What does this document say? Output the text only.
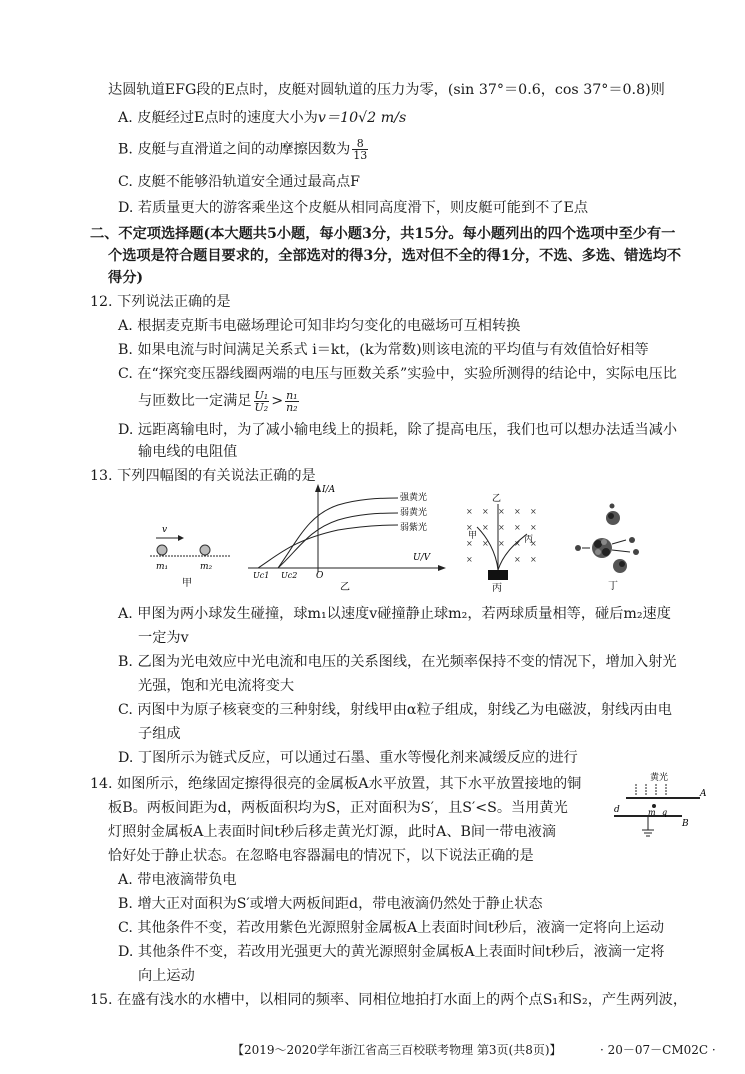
达圆轨道EFG段的E点时，皮艇对圆轨道的压力为零，(sin 37°＝0.6，cos 37°＝0.8)则
A. 皮艇经过E点时的速度大小为v＝10√2 m/s
B. 皮艇与直滑道之间的动摩擦因数为 $\frac{8}{13}$
C. 皮艇不能够沿轨道安全通过最高点F
D. 若质量更大的游客乘坐这个皮艇从相同高度滑下，则皮艇可能到不了E点
二、不定项选择题(本大题共5小题，每小题3分，共15分。每小题列出的四个选项中至少有一
个选项是符合题目要求的，全部选对的得3分，选对但不全的得1分，不选、多选、错选均不
得分)
12. 下列说法正确的是
A. 根据麦克斯韦电磁场理论可知非均匀变化的电磁场可互相转换
B. 如果电流与时间满足关系式 i＝kt，(k为常数)则该电流的平均值与有效值恰好相等
C. 在“探究变压器线圈两端的电压与匝数关系”实验中，实验所测得的结论中，实际电压比
与匝数比一定满足 $\frac{\text{U₁}}{\text{U₂}} > \frac{\text{n₁}}{\text{n₂}}$
D. 远距离输电时，为了减小输电线上的损耗，除了提高电压，我们也可以想办法适当减小
输电线的电阻值
13. 下列四幅图的有关说法正确的是
v
m₁	m₂
甲
I/A
U/V
强黄光
弱黄光
弱紫光
Uc1 Uc2 O
乙
× × × × ×
× × × × ×
× × × × ×
×	× ×
乙
甲	丙
丙	丁
A. 甲图为两小球发生碰撞，球m₁以速度v碰撞静止球m₂，若两球质量相等，碰后m₂速度
一定为v
B. 乙图为光电效应中光电流和电压的关系图线，在光频率保持不变的情况下，增加入射光
光强，饱和光电流将变大
C. 丙图中为原子核衰变的三种射线，射线甲由α粒子组成，射线乙为电磁波，射线丙由电
子组成
D. 丁图所示为链式反应，可以通过石墨、重水等慢化剂来减缓反应的进行
14. 如图所示，绝缘固定擦得很亮的金属板A水平放置，其下水平放置接地的铜
板B。两板间距为d，两板面积均为S，正对面积为S′，且S′<S。当用黄光
灯照射金属板A上表面时间t秒后移走黄光灯源，此时A、B间一带电液滴
恰好处于静止状态。在忽略电容器漏电的情况下，以下说法正确的是
黄光
A
B
d	m q
A. 带电液滴带负电
B. 增大正对面积为S′或增大两板间距d，带电液滴仍然处于静止状态
C. 其他条件不变，若改用紫色光源照射金属板A上表面时间t秒后，液滴一定将向上运动
D. 其他条件不变，若改用光强更大的黄光源照射金属板A上表面时间t秒后，液滴一定将
向上运动
15. 在盛有浅水的水槽中，以相同的频率、同相位地拍打水面上的两个点S₁和S₂，产生两列波，
【2019～2020学年浙江省高三百校联考物理 第3页(共8页)】	· 20－07－CM02C ·
